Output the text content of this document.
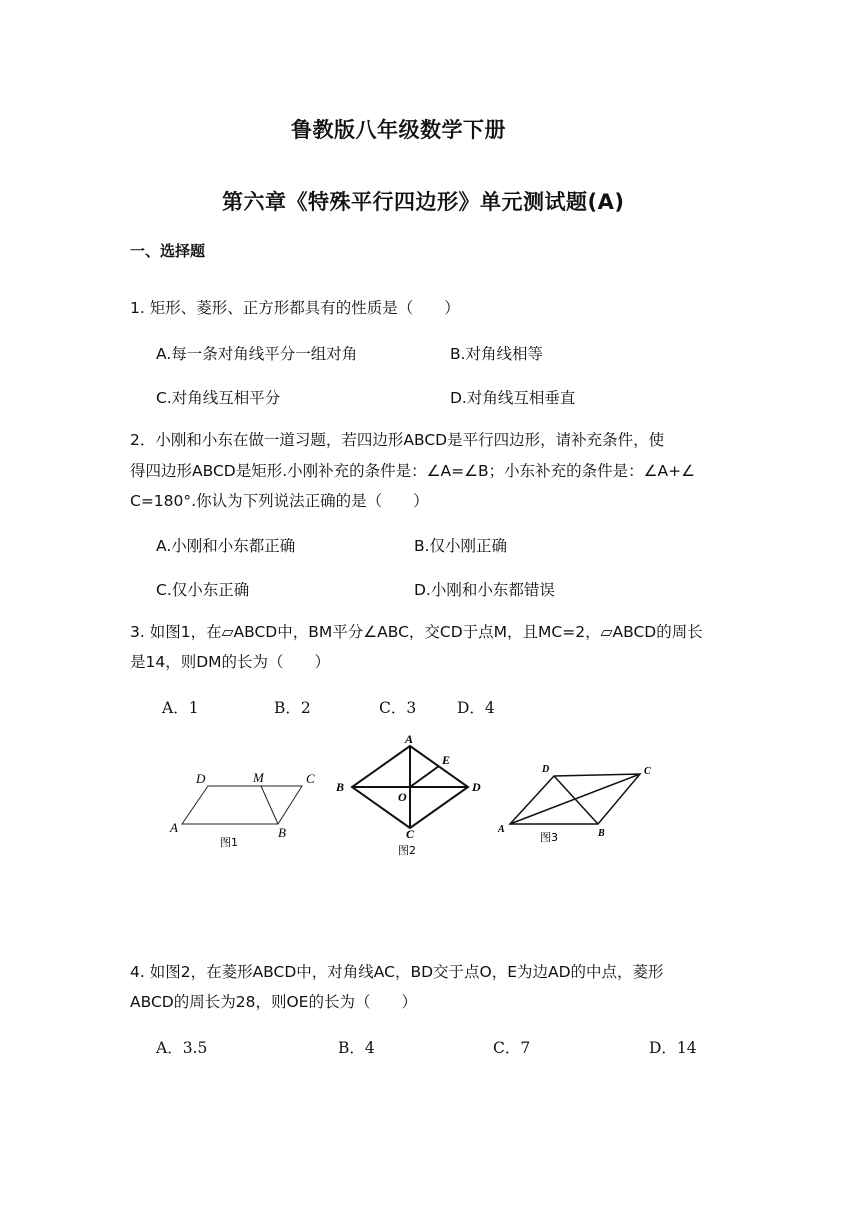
鲁教版八年级数学下册
第六章《特殊平行四边形》单元测试题(A)
一、选择题
1. 矩形、菱形、正方形都具有的性质是（　　）
A.每一条对角线平分一组对角	B.对角线相等
C.对角线互相平分	D.对角线互相垂直
2．小刚和小东在做一道习题，若四边形ABCD是平行四边形，请补充条件，使
得四边形ABCD是矩形.小刚补充的条件是：∠A=∠B；小东补充的条件是：∠A+∠
C=180°.你认为下列说法正确的是（　　）
A.小刚和小东都正确	B.仅小刚正确
C.仅小东正确	D.小刚和小东都错误
3. 如图1，在▱ABCD中，BM平分∠ABC，交CD于点M，且MC=2，▱ABCD的周长
是14，则DM的长为（　　）
A．1	B．2	C．3	D．4
D	M	C
A	B
图1
A
E
B
O
D
C
图2
D	C
A	B
图3
4. 如图2，在菱形ABCD中，对角线AC，BD交于点O，E为边AD的中点，菱形
ABCD的周长为28，则OE的长为（　　）
A．3.5	B．4	C．7	D．14
